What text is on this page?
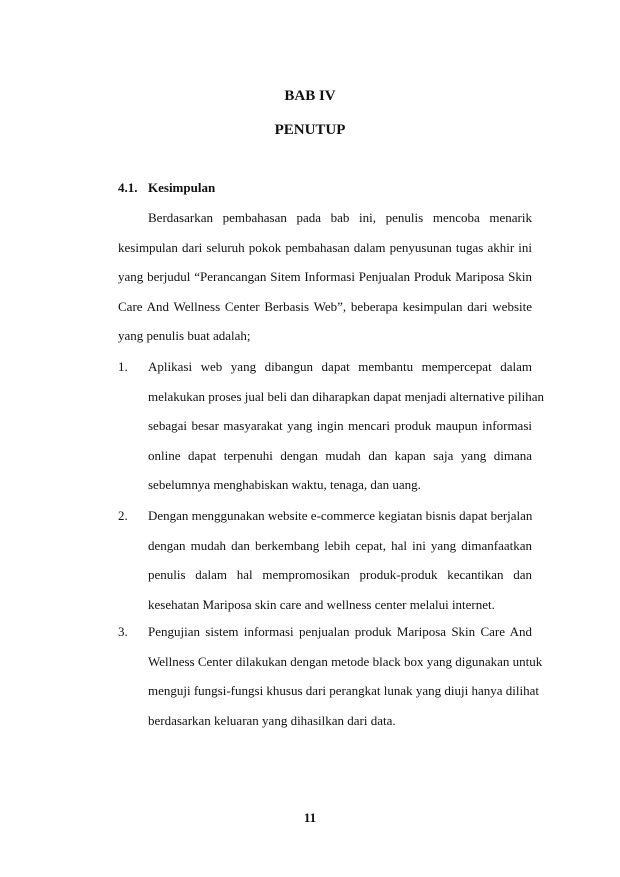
BAB IV
PENUTUP
4.1. Kesimpulan
Berdasarkan pembahasan pada bab ini, penulis mencoba menarik
kesimpulan dari seluruh pokok pembahasan dalam penyusunan tugas akhir ini
yang berjudul “Perancangan Sitem Informasi Penjualan Produk Mariposa Skin
Care And Wellness Center Berbasis Web”, beberapa kesimpulan dari website
yang penulis buat adalah;
1. Aplikasi web yang dibangun dapat membantu mempercepat dalam
melakukan proses jual beli dan diharapkan dapat menjadi alternative pilihan
sebagai besar masyarakat yang ingin mencari produk maupun informasi
online dapat terpenuhi dengan mudah dan kapan saja yang dimana
sebelumnya menghabiskan waktu, tenaga, dan uang.
2. Dengan menggunakan website e-commerce kegiatan bisnis dapat berjalan
dengan mudah dan berkembang lebih cepat, hal ini yang dimanfaatkan
penulis dalam hal mempromosikan produk-produk kecantikan dan
kesehatan Mariposa skin care and wellness center melalui internet.
3. Pengujian sistem informasi penjualan produk Mariposa Skin Care And
Wellness Center dilakukan dengan metode black box yang digunakan untuk
menguji fungsi-fungsi khusus dari perangkat lunak yang diuji hanya dilihat
berdasarkan keluaran yang dihasilkan dari data.
11
